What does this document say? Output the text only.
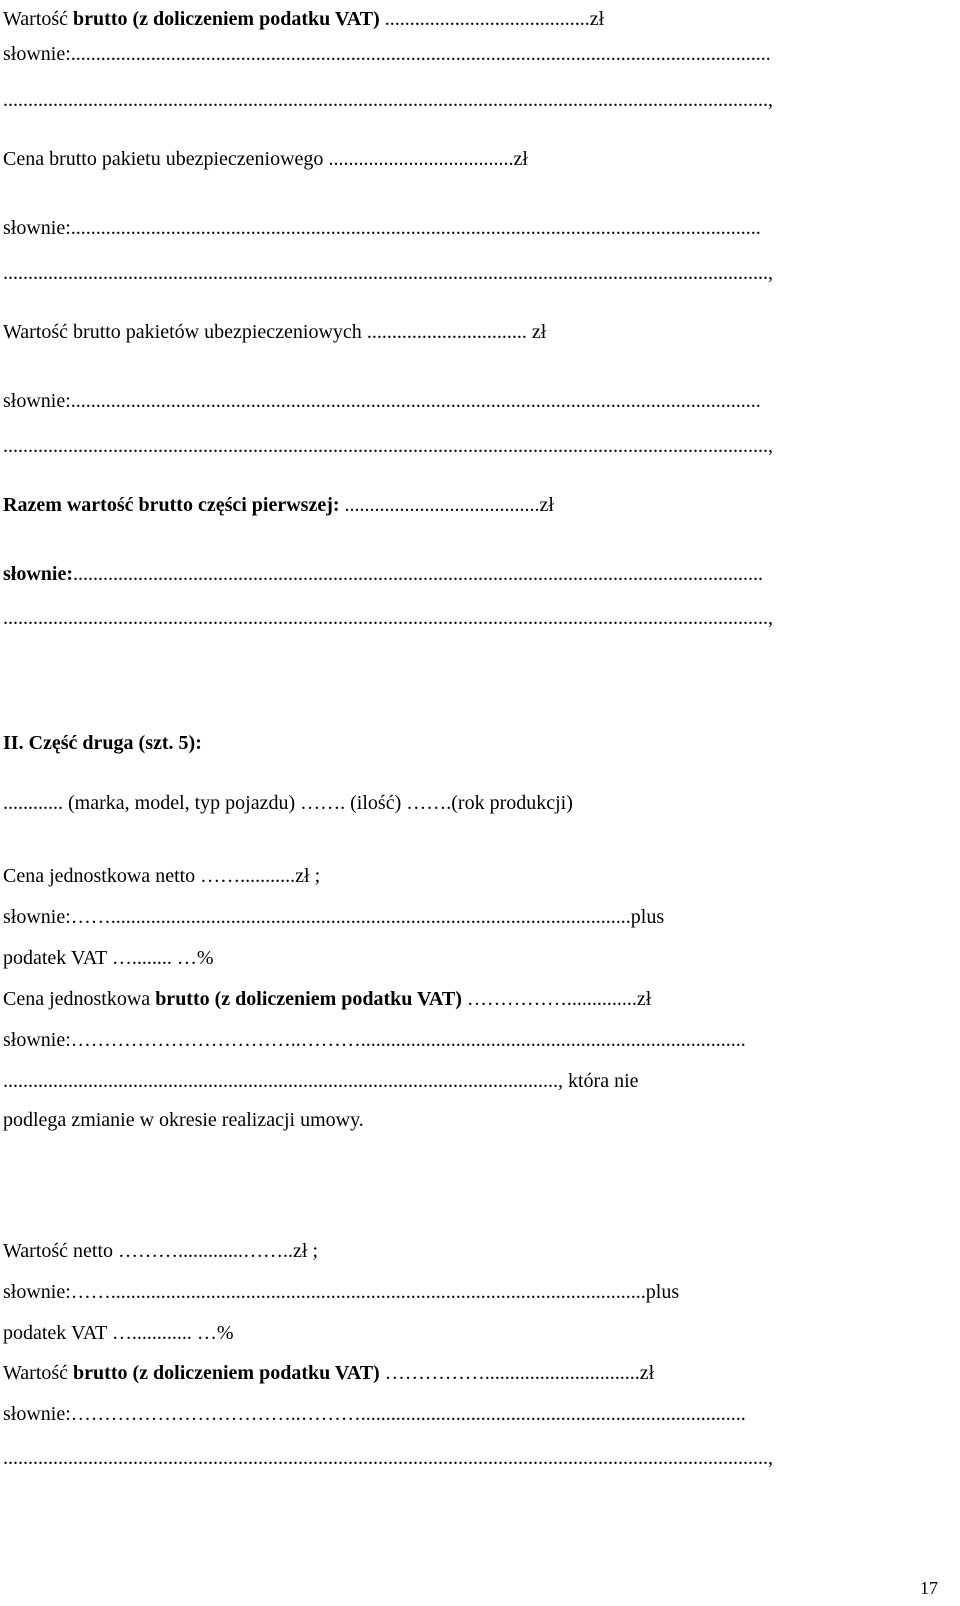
Wartość brutto (z doliczeniem podatku VAT) .........................................zł
słownie:............................................................................................................................................
.........................................................................................................................................................,
Cena brutto pakietu ubezpieczeniowego .....................................zł
słownie:..........................................................................................................................................
.........................................................................................................................................................,
Wartość brutto pakietów ubezpieczeniowych ................................ zł
słownie:..........................................................................................................................................
.........................................................................................................................................................,
Razem wartość brutto części pierwszej: .......................................zł
słownie:..........................................................................................................................................
.........................................................................................................................................................,
II. Część druga (szt. 5):
............ (marka, model, typ pojazdu) ……. (ilość) …….(rok produkcji)
Cena jednostkowa netto ……...........zł ;
słownie:……........................................................................................................plus
podatek VAT …........ …%
Cena jednostkowa brutto (z doliczeniem podatku VAT) ……………..............zł
słownie:……………………………..……….............................................................................
..............................................................................................................., która nie
podlega zmianie w okresie realizacji umowy.
Wartość netto ……….............……..zł ;
słownie:……...........................................................................................................plus
podatek VAT …............ …%
Wartość brutto (z doliczeniem podatku VAT) ……………...............................zł
słownie:……………………………..……….............................................................................
.........................................................................................................................................................,
17
